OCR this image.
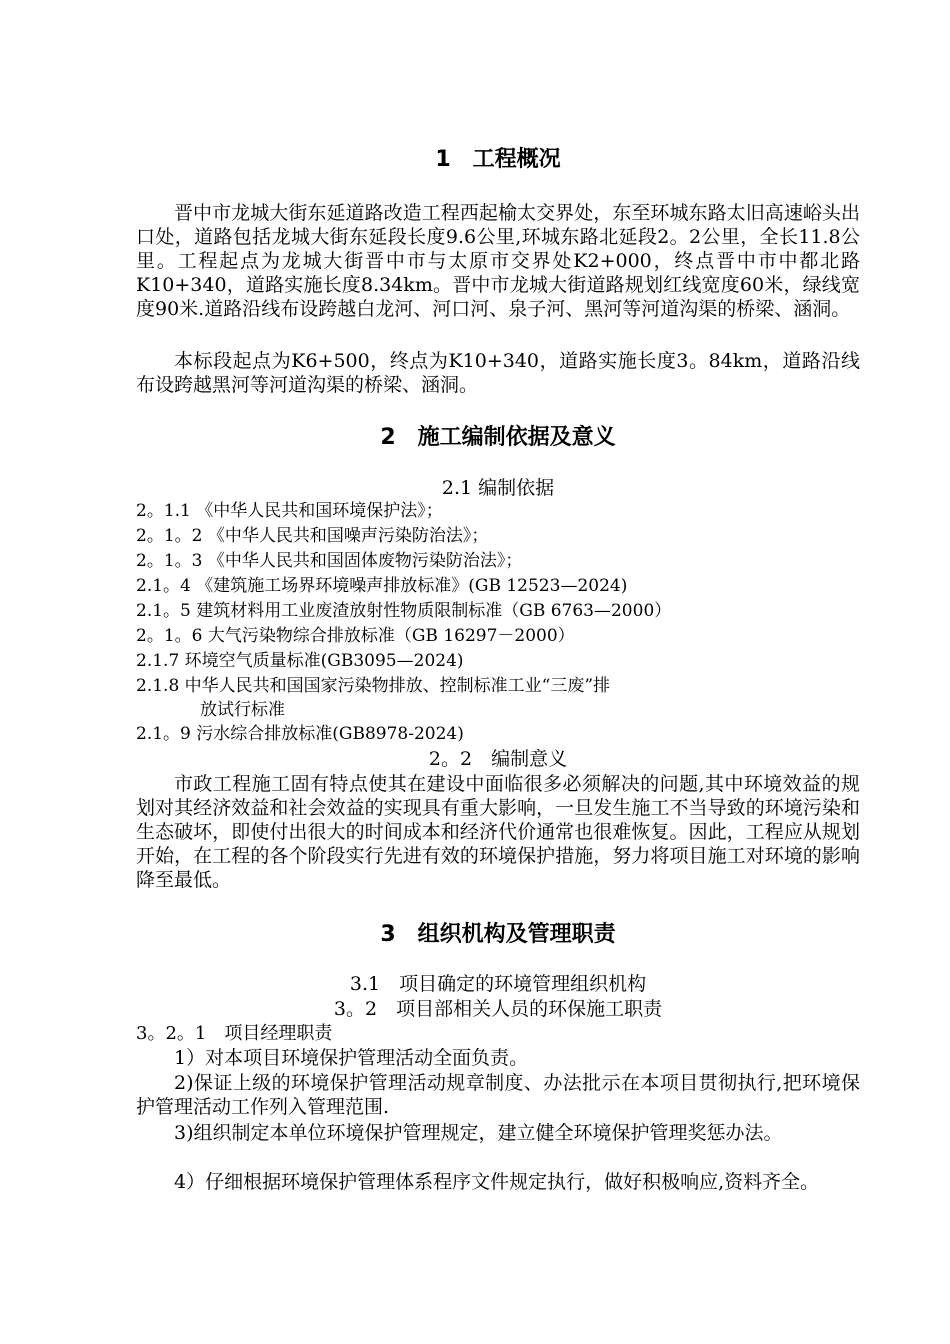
1 工程概况

晋中市龙城大街东延道路改造工程西起榆太交界处，东至环城东路太旧高速峪头出口处，道路包括龙城大街东延段长度9.6公里,环城东路北延段2。2公里，全长11.8公里。工程起点为龙城大街晋中市与太原市交界处K2+000，终点晋中市中都北路K10+340，道路实施长度8.34km。晋中市龙城大街道路规划红线宽度60米，绿线宽度90米.道路沿线布设跨越白龙河、河口河、泉子河、黑河等河道沟渠的桥梁、涵洞。

本标段起点为K6+500，终点为K10+340，道路实施长度3。84km，道路沿线布设跨越黑河等河道沟渠的桥梁、涵洞。

2 施工编制依据及意义

2.1 编制依据

2。1.1 《中华人民共和国环境保护法》；

2。1。2 《中华人民共和国噪声污染防治法》；

2。1。3 《中华人民共和国固体废物污染防治法》；

2.1。4 《建筑施工场界环境噪声排放标准》(GB 12523—2024)

2.1。5 建筑材料用工业废渣放射性物质限制标准（GB 6763—2000）

2。1。6 大气污染物综合排放标准（GB 16297－2000）

2.1.7 环境空气质量标准(GB3095—2024)

2.1.8 中华人民共和国国家污染物排放、控制标准工业“三废”排

放试行标准

2.1。9 污水综合排放标准(GB8978-2024)

2。2　编制意义

市政工程施工固有特点使其在建设中面临很多必须解决的问题,其中环境效益的规划对其经济效益和社会效益的实现具有重大影响，一旦发生施工不当导致的环境污染和生态破坏，即使付出很大的时间成本和经济代价通常也很难恢复。因此，工程应从规划开始，在工程的各个阶段实行先进有效的环境保护措施，努力将项目施工对环境的影响降至最低。

3 组织机构及管理职责

3.1　项目确定的环境管理组织机构

3。2　项目部相关人员的环保施工职责

3。2。1　项目经理职责

1）对本项目环境保护管理活动全面负责。

2)保证上级的环境保护管理活动规章制度、办法批示在本项目贯彻执行,把环境保护管理活动工作列入管理范围.

3)组织制定本单位环境保护管理规定，建立健全环境保护管理奖惩办法。

4）仔细根据环境保护管理体系程序文件规定执行，做好积极响应,资料齐全。
